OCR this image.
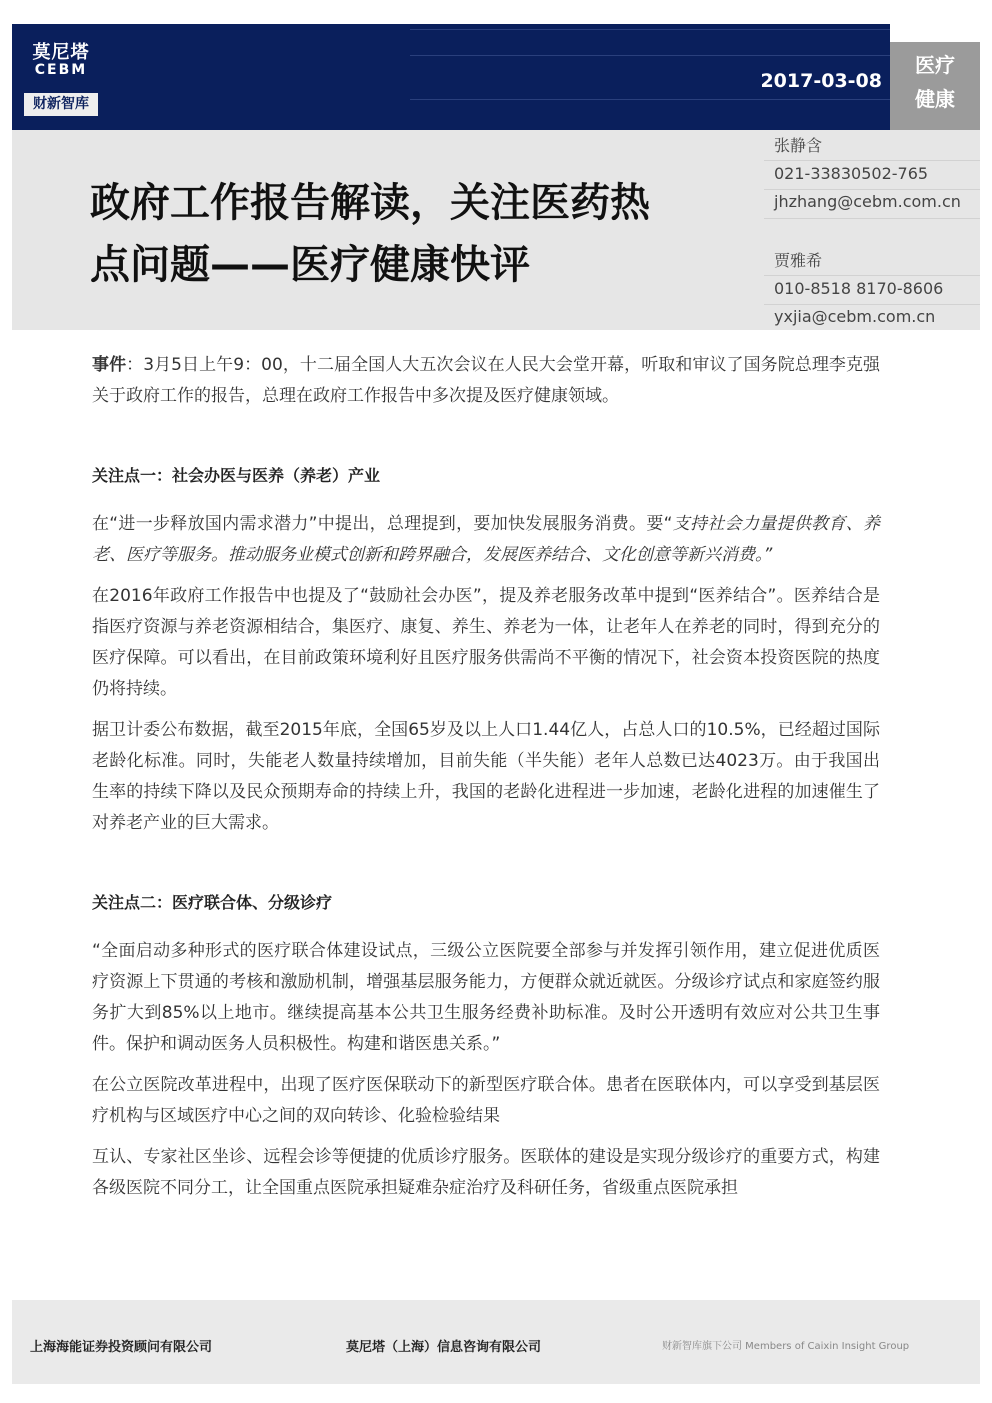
莫尼塔
CEBM
财新智库
2017-03-08
医疗
健康
政府工作报告解读，关注医药热
点问题——医疗健康快评
张静含
021-33830502-765
jhzhang@cebm.com.cn
贾雅希
010-8518 8170-8606
yxjia@cebm.com.cn

事件：3月5日上午9：00，十二届全国人大五次会议在人民大会堂开幕，听取和审议了国务院总理李克强关于政府工作的报告，总理在政府工作报告中多次提及医疗健康领域。

关注点一：社会办医与医养（养老）产业

在“进一步释放国内需求潜力”中提出，总理提到，要加快发展服务消费。要“支持社会力量提供教育、养老、医疗等服务。推动服务业模式创新和跨界融合，发展医养结合、文化创意等新兴消费。”

在2016年政府工作报告中也提及了“鼓励社会办医”，提及养老服务改革中提到“医养结合”。医养结合是指医疗资源与养老资源相结合，集医疗、康复、养生、养老为一体，让老年人在养老的同时，得到充分的医疗保障。可以看出，在目前政策环境利好且医疗服务供需尚不平衡的情况下，社会资本投资医院的热度仍将持续。

据卫计委公布数据，截至2015年底，全国65岁及以上人口1.44亿人，占总人口的10.5%，已经超过国际老龄化标准。同时，失能老人数量持续增加，目前失能（半失能）老年人总数已达4023万。由于我国出生率的持续下降以及民众预期寿命的持续上升，我国的老龄化进程进一步加速，老龄化进程的加速催生了对养老产业的巨大需求。

关注点二：医疗联合体、分级诊疗

“全面启动多种形式的医疗联合体建设试点，三级公立医院要全部参与并发挥引领作用，建立促进优质医疗资源上下贯通的考核和激励机制，增强基层服务能力，方便群众就近就医。分级诊疗试点和家庭签约服务扩大到85%以上地市。继续提高基本公共卫生服务经费补助标准。及时公开透明有效应对公共卫生事件。保护和调动医务人员积极性。构建和谐医患关系。”

在公立医院改革进程中，出现了医疗医保联动下的新型医疗联合体。患者在医联体内，可以享受到基层医疗机构与区域医疗中心之间的双向转诊、化验检验结果

互认、专家社区坐诊、远程会诊等便捷的优质诊疗服务。医联体的建设是实现分级诊疗的重要方式，构建各级医院不同分工，让全国重点医院承担疑难杂症治疗及科研任务，省级重点医院承担

上海海能证券投资顾问有限公司	莫尼塔（上海）信息咨询有限公司	财新智库旗下公司 Members of Caixin Insight Group
